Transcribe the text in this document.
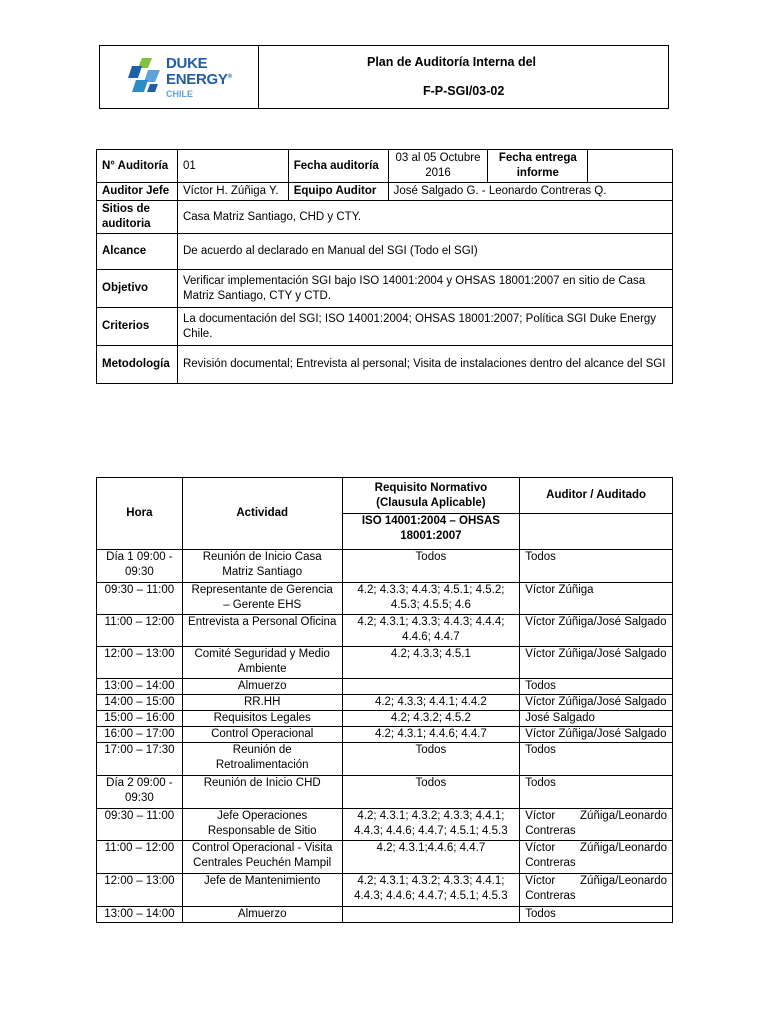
DUKE
ENERGY®
CHILE

Plan de Auditoría Interna del
F-P-SGI/03-02
N° Auditoría	01	Fecha auditoría	03 al 05 Octubre 2016	Fecha entrega informe	
Auditor Jefe	Víctor H. Zúñiga Y.	Equipo Auditor	José Salgado G. - Leonardo Contreras Q.		
Sitios de auditoria	Casa Matriz Santiago, CHD y CTY.				
Alcance	De acuerdo al declarado en Manual del SGI (Todo el SGI)				
Objetivo	Verificar implementación SGI bajo ISO 14001:2004 y OHSAS 18001:2007 en sitio de Casa Matriz Santiago, CTY y CTD.				
Criterios	La documentación del SGI; ISO 14001:2004; OHSAS 18001:2007; Política SGI Duke Energy Chile.				
Metodología	Revisión documental; Entrevista al personal; Visita de instalaciones dentro del alcance del SGI				
Hora	Actividad	Requisito Normativo (Clausula Aplicable)	Auditor / Auditado
		ISO 14001:2004 – OHSAS 18001:2007	
Día 1 09:00 - 09:30	Reunión de Inicio Casa Matriz Santiago	Todos	Todos
09:30 – 11:00	Representante de Gerencia – Gerente EHS	4.2; 4.3.3; 4.4.3; 4.5.1; 4.5.2; 4.5.3; 4.5.5; 4.6	Víctor Zúñiga
11:00 – 12:00	Entrevista a Personal Oficina	4.2; 4.3.1; 4.3.3; 4.4.3; 4.4.4; 4.4.6; 4.4.7	Víctor Zúñiga/José Salgado
12:00 – 13:00	Comité Seguridad y Medio Ambiente	4.2; 4.3.3; 4.5.1	Víctor Zúñiga/José Salgado
13:00 – 14:00	Almuerzo		Todos
14:00 – 15:00	RR.HH	4.2; 4.3.3; 4.4.1; 4.4.2	Víctor Zúñiga/José Salgado
15:00 – 16:00	Requisitos Legales	4.2; 4.3.2; 4.5.2	José Salgado
16:00 – 17:00	Control Operacional	4.2; 4.3.1; 4.4.6; 4.4.7	Víctor Zúñiga/José Salgado
17:00 – 17:30	Reunión de Retroalimentación	Todos	Todos
Día 2 09:00 - 09:30	Reunión de Inicio CHD	Todos	Todos
09:30 – 11:00	Jefe Operaciones Responsable de Sitio	4.2; 4.3.1; 4.3.2; 4.3.3; 4.4.1; 4.4.3; 4.4.6; 4.4.7; 4.5.1; 4.5.3	Víctor Zúñiga/Leonardo Contreras
11:00 – 12:00	Control Operacional - Visita Centrales Peuchén Mampil	4.2; 4.3.1;4.4.6; 4.4.7	Víctor Zúñiga/Leonardo Contreras
12:00 – 13:00	Jefe de Mantenimiento	4.2; 4.3.1; 4.3.2; 4.3.3; 4.4.1; 4.4.3; 4.4.6; 4.4.7; 4.5.1; 4.5.3	Víctor Zúñiga/Leonardo Contreras
13:00 – 14:00	Almuerzo		Todos
